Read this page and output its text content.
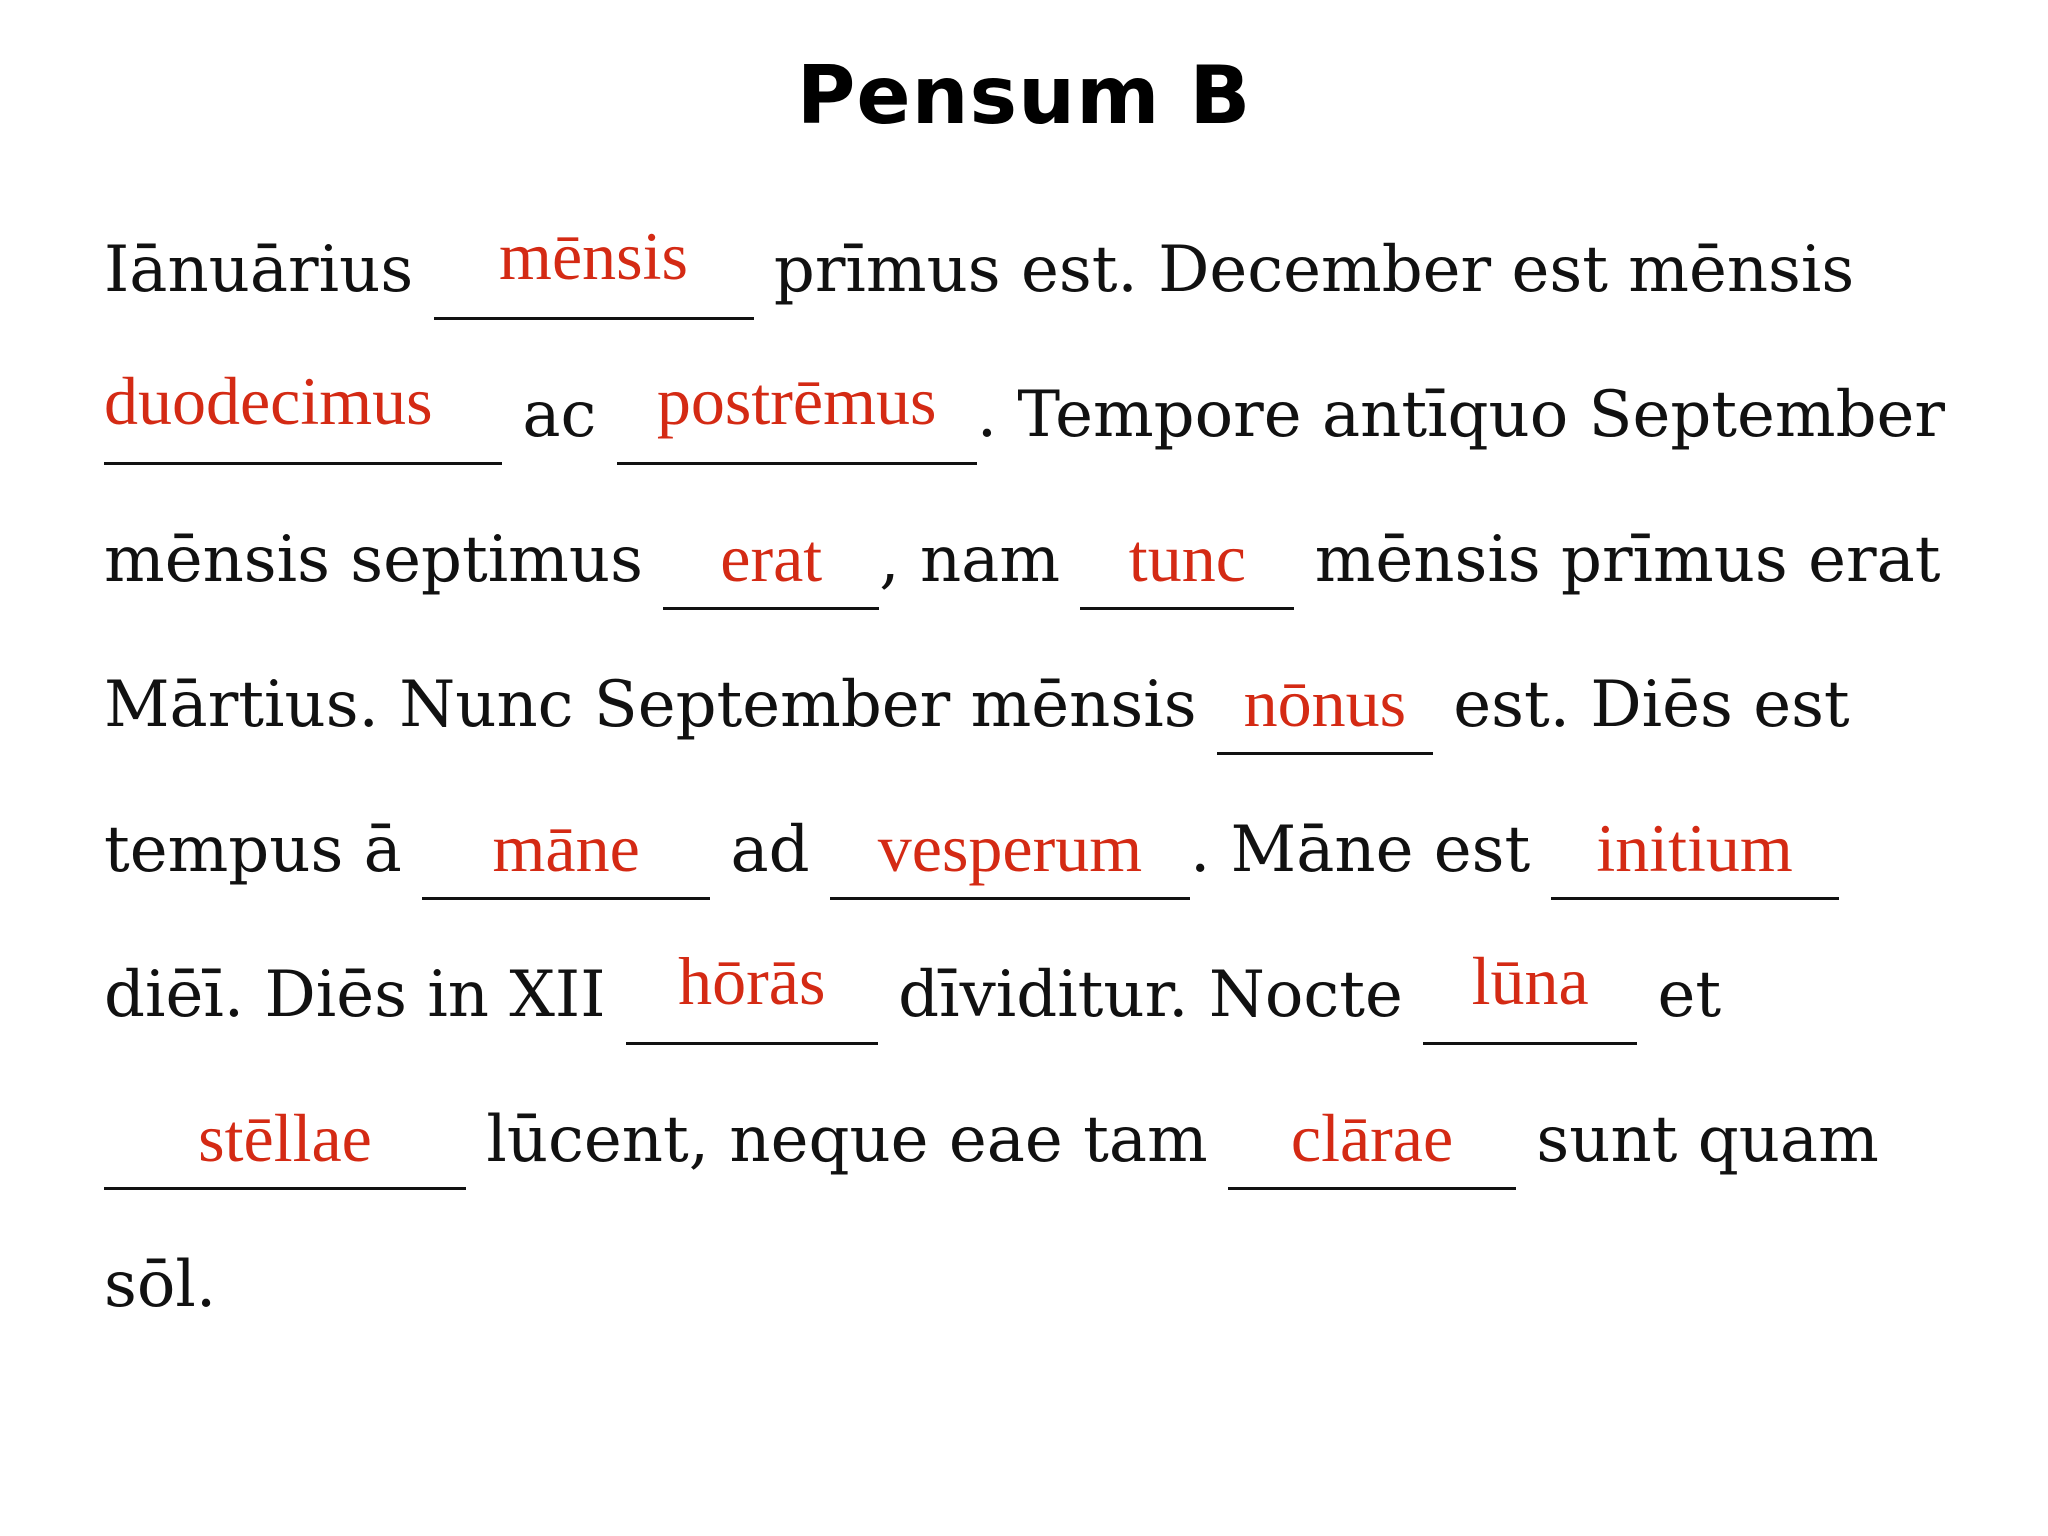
Pensum B
Iānuārius mēnsis prīmus est. December est mēnsis
duodecimus	ac postrēmus . Tempore antīquo September
mēnsis septimus erat , nam tunc mēnsis prīmus erat
Mārtius. Nunc September mēnsis nōnus est. Diēs est
tempus ā māne ad vesperum . Māne est initium
diēī. Diēs in XII hōrās dīviditur. Nocte lūna et
stēllae lūcent, neque eae tam clārae sunt quam
sōl.
